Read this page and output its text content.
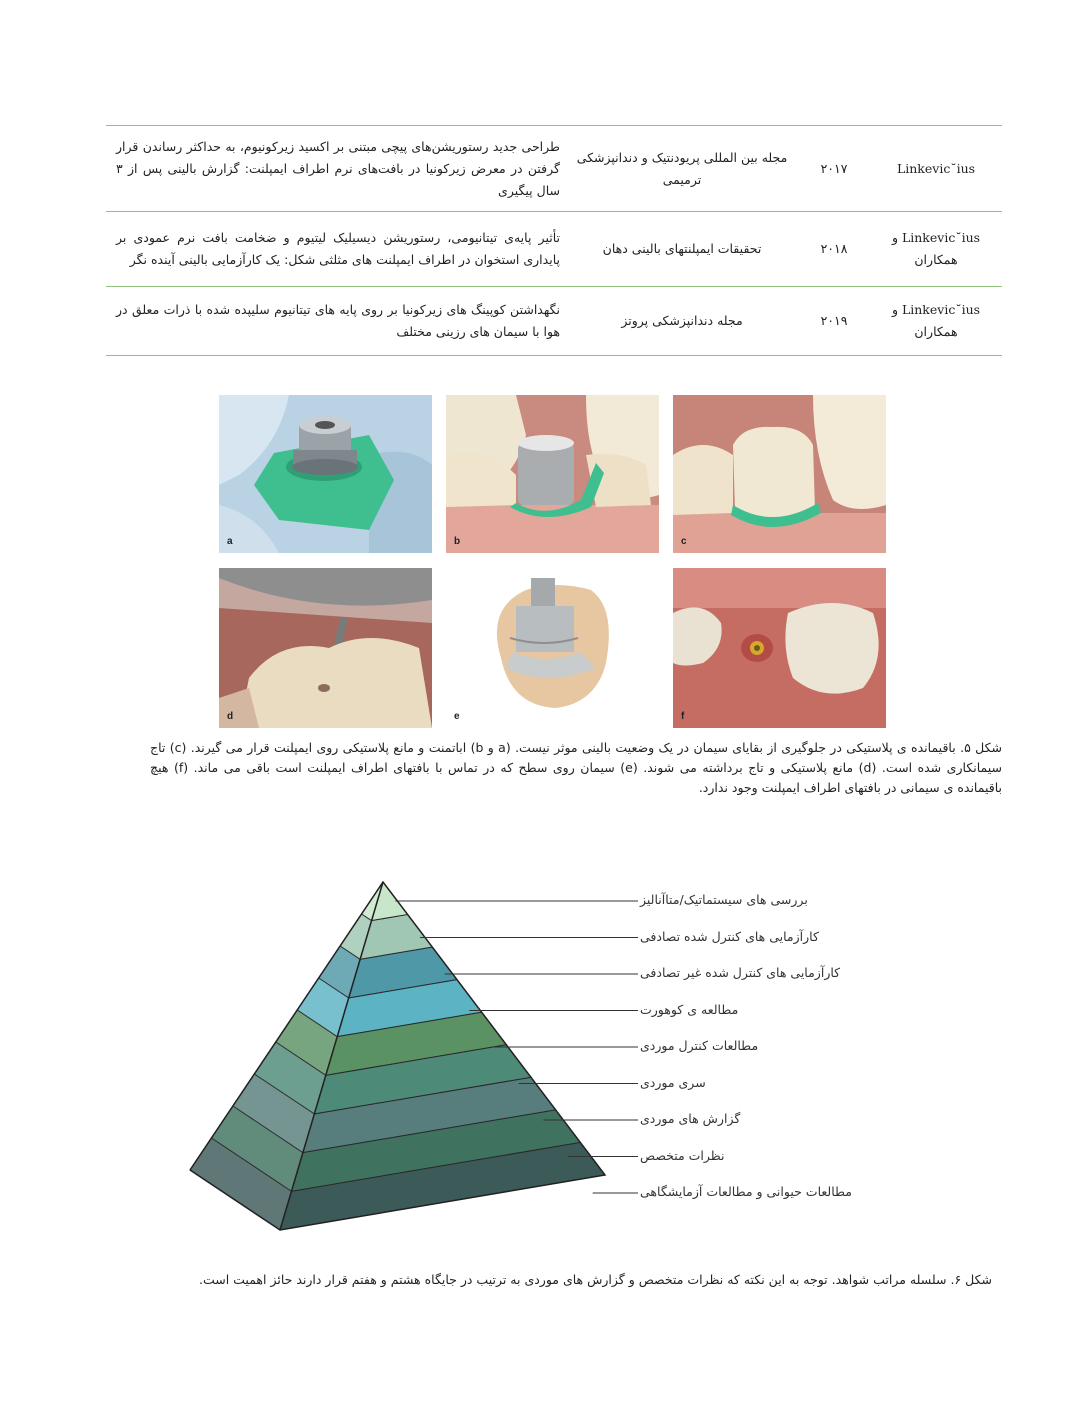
Linkevic˘ius	۲۰۱۷	مجله بین المللی پریودنتیک و دندانپزشکی ترمیمی	طراحی جدید رستوریشن‌های پیچی مبتنی بر اکسید زیرکونیوم، به حداکثر رساندن قرار گرفتن در معرض زیرکونیا در بافت‌های نرم اطراف ایمپلنت: گزارش بالینی پس از ۳ سال پیگیری
Linkevic˘ius و همکاران	۲۰۱۸	تحقیقات ایمپلنتهای بالینی دهان	تأثیر پایه‌ی تیتانیومی، رستوریشن دیسیلیک لیتیوم و ضخامت بافت نرم عمودی بر پایداری استخوان در اطراف ایمپلنت های مثلثی شکل: یک کارآزمایی بالینی آینده نگر
Linkevic˘ius و همکاران	۲۰۱۹	مجله دندانپزشکی پروتز	نگهداشتن کوپینگ های زیرکونیا بر روی پایه های تیتانیوم سلیپده شده با ذرات معلق در هوا با سیمان های رزینی مختلف
a	b	c
d	e	f

شکل ۵. باقیمانده ی پلاستیکی در جلوگیری از بقایای سیمان در یک وضعیت بالینی موثر نیست. (a و b) اباتمنت و مانع پلاستیکی روی ایمپلنت قرار می گیرند. (c) تاج سیمانکاری شده است. (d) مانع پلاستیکی و تاج برداشته می شوند. (e) سیمان روی سطح که در تماس با بافتهای اطراف ایمپلنت است باقی می ماند. (f) هیچ باقیمانده ی سیمانی در بافتهای اطراف ایمپلنت وجود ندارد.

بررسی های سیستماتیک/متاآنالیز
کارآزمایی های کنترل شده تصادفی
کارآزمایی های کنترل شده غیر تصادفی
مطالعه ی کوهورت
مطالعات کنترل موردی
سری موردی
گزارش های موردی
نظرات متخصص
مطالعات حیوانی و مطالعات آزمایشگاهی

شکل ۶. سلسله مراتب شواهد. توجه به این نکته که نظرات متخصص و گزارش های موردی به ترتیب در جایگاه هشتم و هفتم قرار دارند حائز اهمیت است.
